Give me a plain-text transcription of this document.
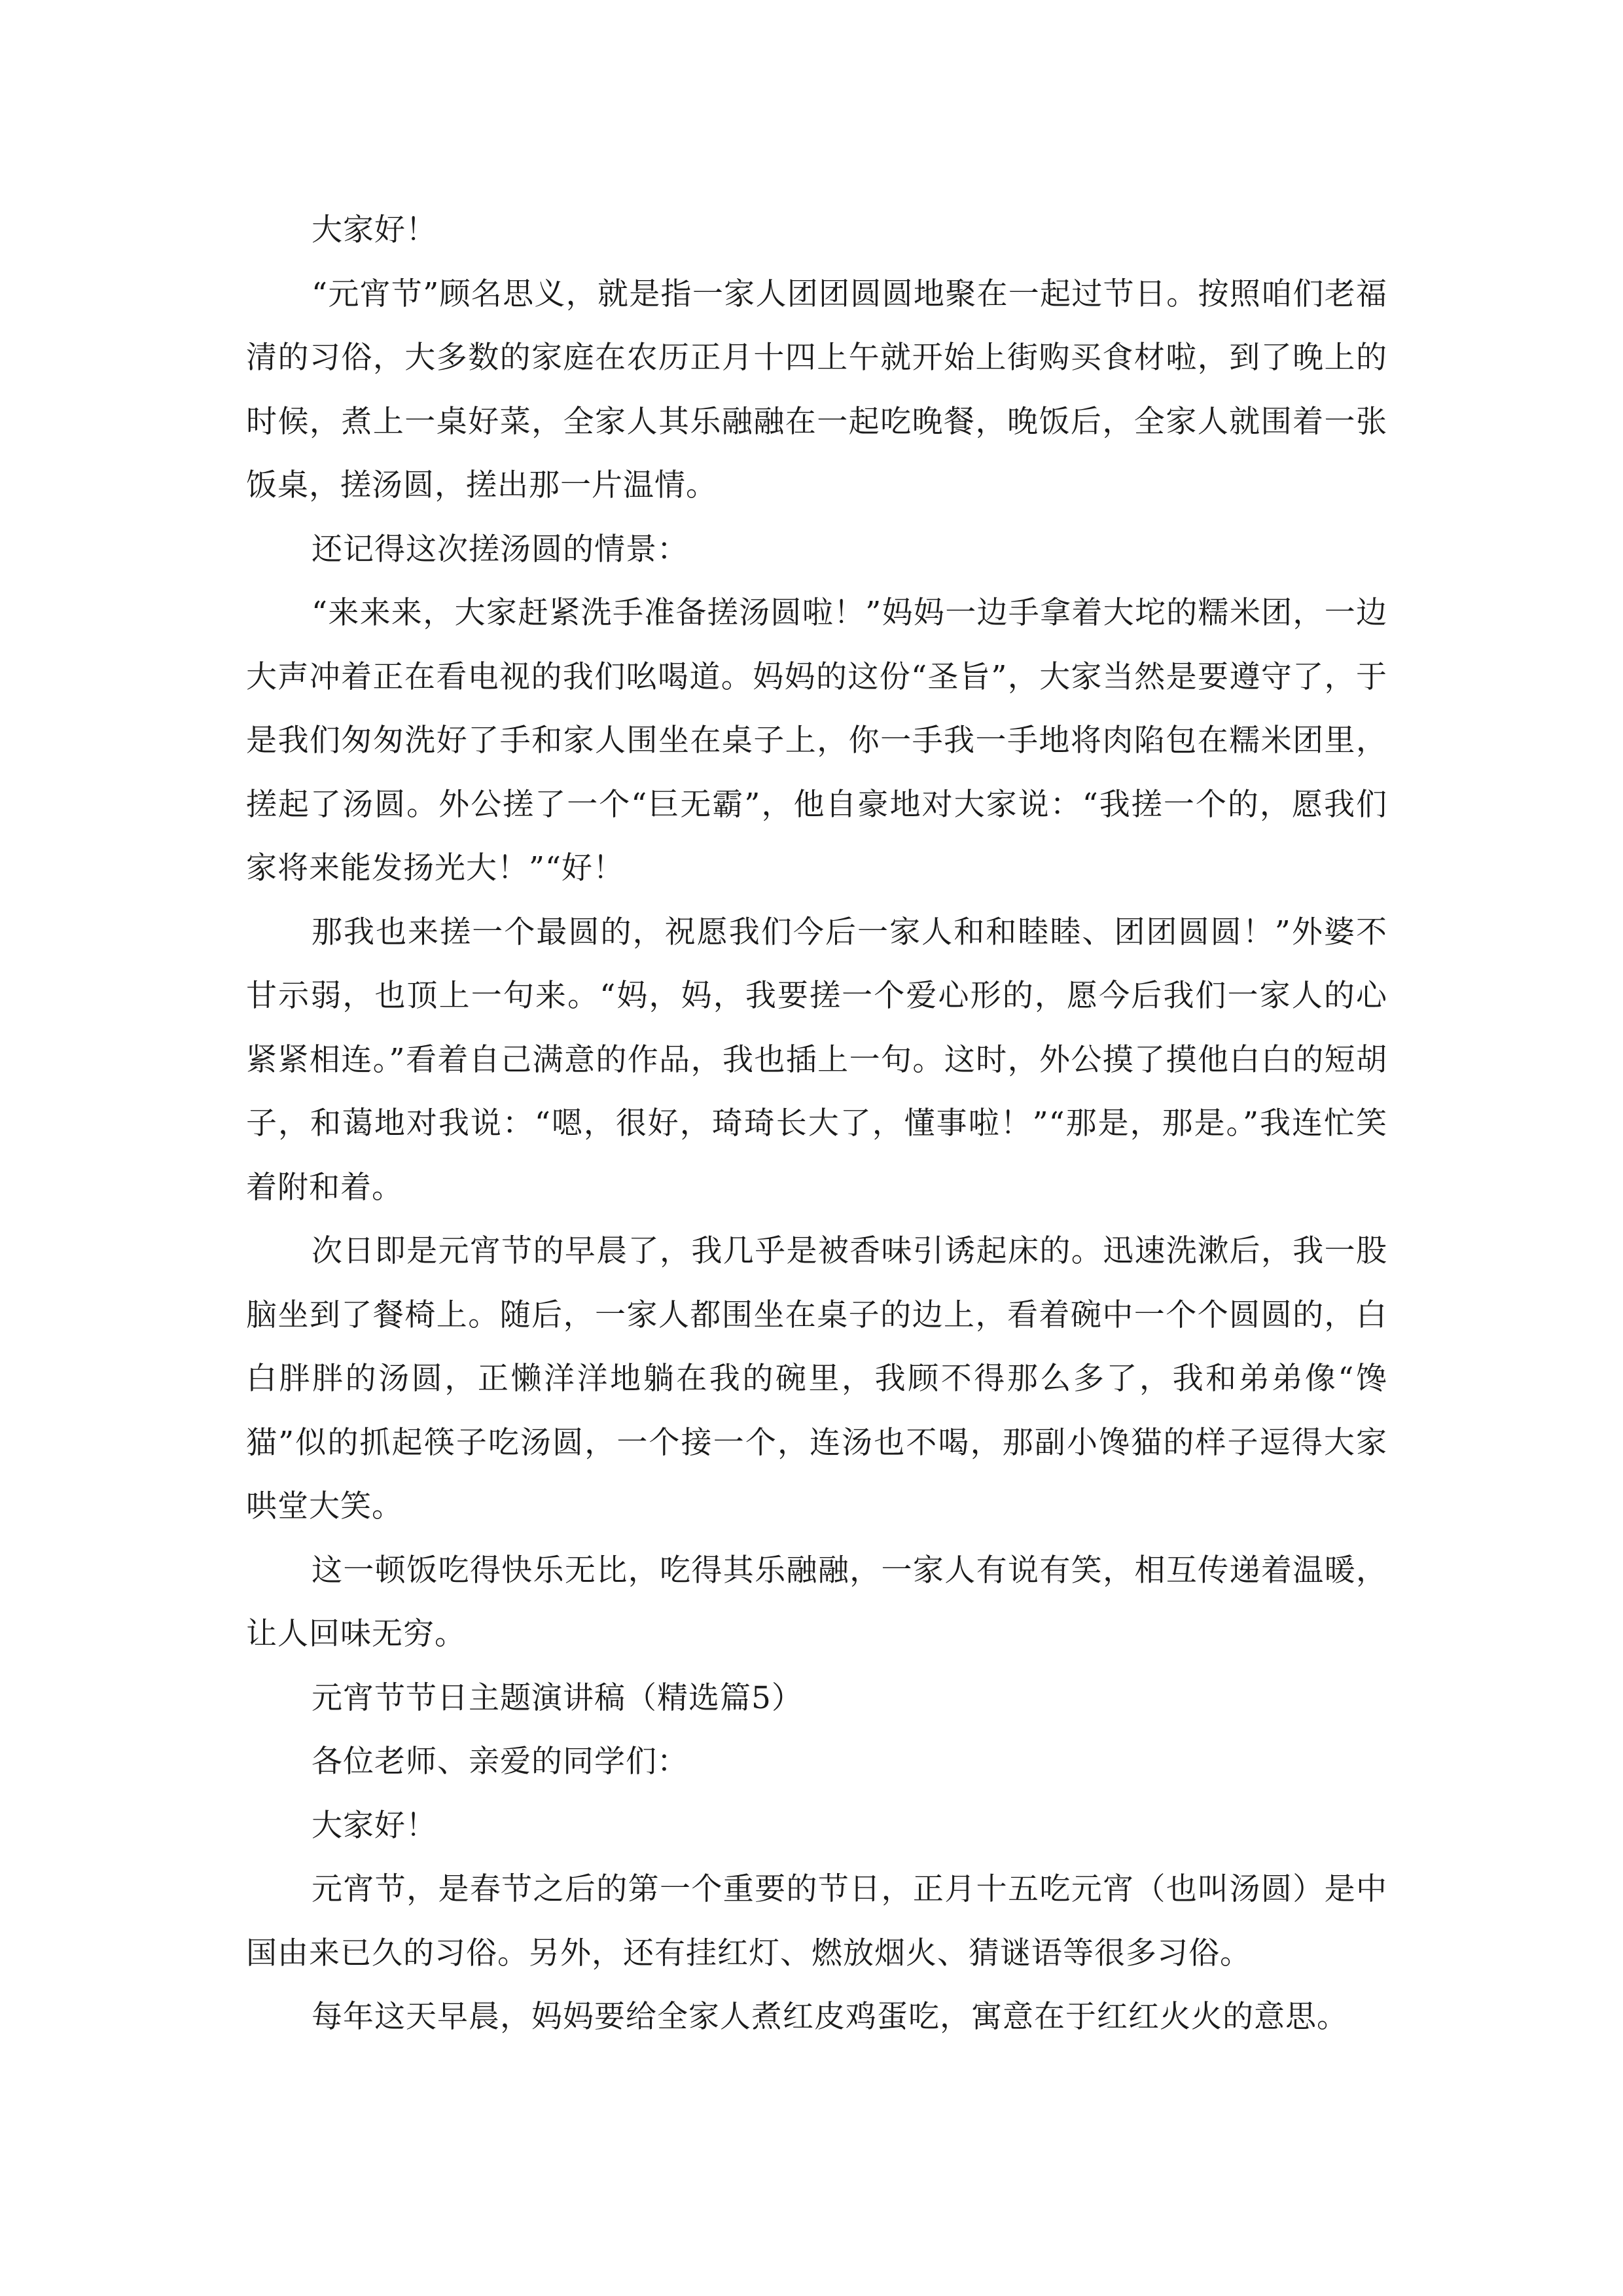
大家好！

“元宵节”顾名思义，就是指一家人团团圆圆地聚在一起过节日。按照咱们老福清的习俗，大多数的家庭在农历正月十四上午就开始上街购买食材啦，到了晚上的时候，煮上一桌好菜，全家人其乐融融在一起吃晚餐，晚饭后，全家人就围着一张饭桌，搓汤圆，搓出那一片温情。

还记得这次搓汤圆的情景：

“来来来，大家赶紧洗手准备搓汤圆啦！”妈妈一边手拿着大坨的糯米团，一边大声冲着正在看电视的我们吆喝道。妈妈的这份“圣旨”，大家当然是要遵守了，于是我们匆匆洗好了手和家人围坐在桌子上，你一手我一手地将肉陷包在糯米团里，搓起了汤圆。外公搓了一个“巨无霸”，他自豪地对大家说：“我搓一个的，愿我们家将来能发扬光大！”“好！

那我也来搓一个最圆的，祝愿我们今后一家人和和睦睦、团团圆圆！”外婆不甘示弱，也顶上一句来。“妈，妈，我要搓一个爱心形的，愿今后我们一家人的心紧紧相连。”看着自己满意的作品，我也插上一句。这时，外公摸了摸他白白的短胡子，和蔼地对我说：“嗯，很好，琦琦长大了，懂事啦！”“那是，那是。”我连忙笑着附和着。

次日即是元宵节的早晨了，我几乎是被香味引诱起床的。迅速洗漱后，我一股脑坐到了餐椅上。随后，一家人都围坐在桌子的边上，看着碗中一个个圆圆的，白白胖胖的汤圆，正懒洋洋地躺在我的碗里，我顾不得那么多了，我和弟弟像“馋猫”似的抓起筷子吃汤圆，一个接一个，连汤也不喝，那副小馋猫的样子逗得大家哄堂大笑。

这一顿饭吃得快乐无比，吃得其乐融融，一家人有说有笑，相互传递着温暖，让人回味无穷。

元宵节节日主题演讲稿（精选篇5）

各位老师、亲爱的同学们：

大家好！

元宵节，是春节之后的第一个重要的节日，正月十五吃元宵（也叫汤圆）是中国由来已久的习俗。另外，还有挂红灯、燃放烟火、猜谜语等很多习俗。

每年这天早晨，妈妈要给全家人煮红皮鸡蛋吃，寓意在于红红火火的意思。
